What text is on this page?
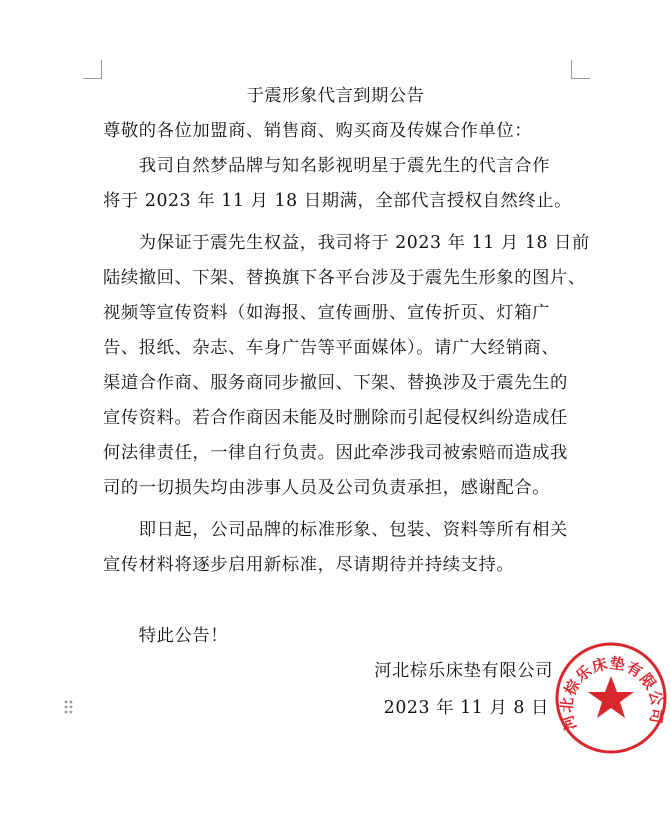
于震形象代言到期公告
尊敬的各位加盟商、销售商、购买商及传媒合作单位：
　　我司自然梦品牌与知名影视明星于震先生的代言合作
将于 2023 年 11 月 18 日期满，全部代言授权自然终止。
　　为保证于震先生权益，我司将于 2023 年 11 月 18 日前
陆续撤回、下架、替换旗下各平台涉及于震先生形象的图片、
视频等宣传资料（如海报、宣传画册、宣传折页、灯箱广
告、报纸、杂志、车身广告等平面媒体）。请广大经销商、
渠道合作商、服务商同步撤回、下架、替换涉及于震先生的
宣传资料。若合作商因未能及时删除而引起侵权纠纷造成任
何法律责任，一律自行负责。因此牵涉我司被索赔而造成我
司的一切损失均由涉事人员及公司负责承担，感谢配合。
　　即日起，公司品牌的标准形象、包装、资料等所有相关
宣传材料将逐步启用新标准，尽请期待并持续支持。
　　特此公告！
河北棕乐床垫有限公司
2023 年 11 月 8 日
河北棕乐床垫有限公司
